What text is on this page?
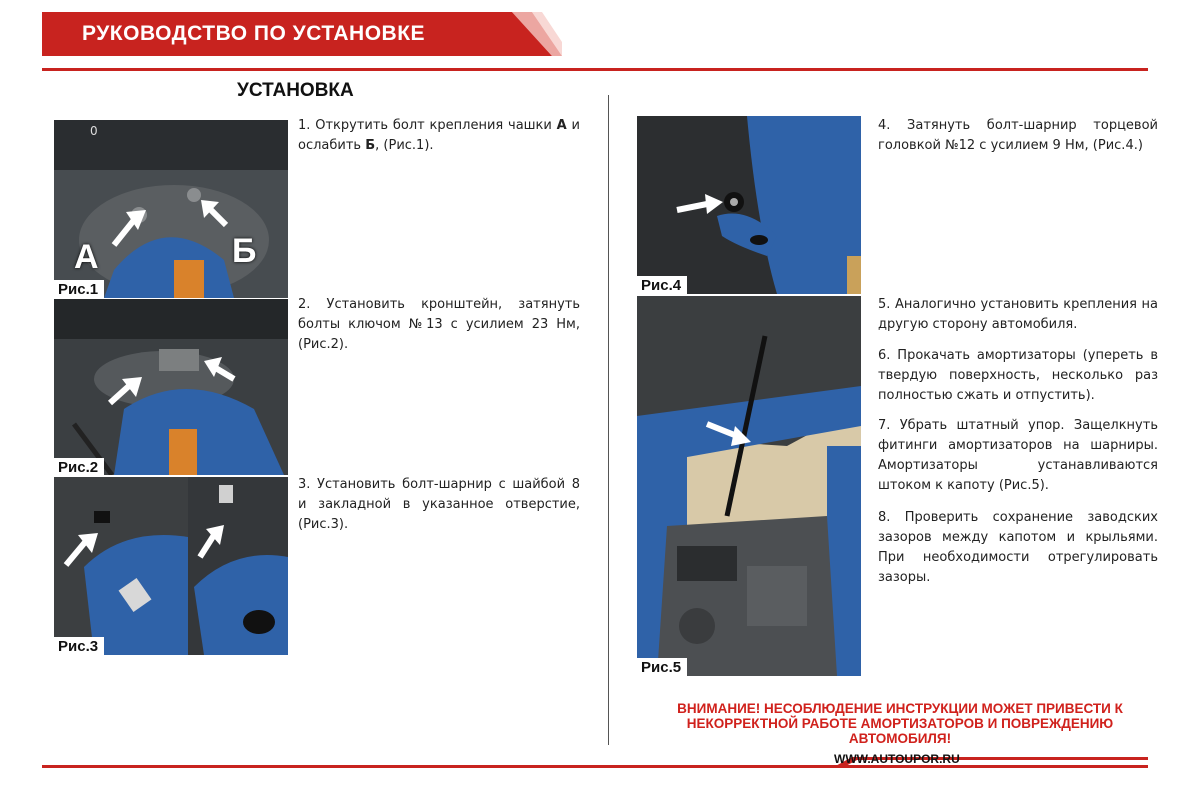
РУКОВОДСТВО ПО УСТАНОВКЕ
УСТАНОВКА
0
А	Б
Рис.1
Рис.2
Рис.3
1. Открутить болт крепления чашки А и ослабить Б, (Рис.1).
2. Установить кронштейн, затянуть болты ключом №13 с усилием 23 Нм, (Рис.2).
3. Установить болт-шарнир с шайбой 8 и закладной в указанное отверстие, (Рис.3).
Рис.4
Рис.5
4. Затянуть болт-шарнир торцевой головкой №12 с усилием 9 Нм, (Рис.4.)
5. Аналогично установить крепления на другую сторону автомобиля.
6. Прокачать амортизаторы (упереть в твердую поверхность, несколько раз полностью сжать и отпустить).
7. Убрать штатный упор. Защелкнуть фитинги амортизаторов на шарниры. Амортизаторы устанавливаются штоком к капоту (Рис.5).
8. Проверить сохранение заводских зазоров между капотом и крыльями. При необходимости отрегулировать зазоры.
ВНИМАНИЕ! НЕСОБЛЮДЕНИЕ ИНСТРУКЦИИ МОЖЕТ ПРИВЕСТИ К НЕКОРРЕКТНОЙ РАБОТЕ АМОРТИЗАТОРОВ И ПОВРЕЖДЕНИЮ АВТОМОБИЛЯ!
WWW.AUTOUPOR.RU
